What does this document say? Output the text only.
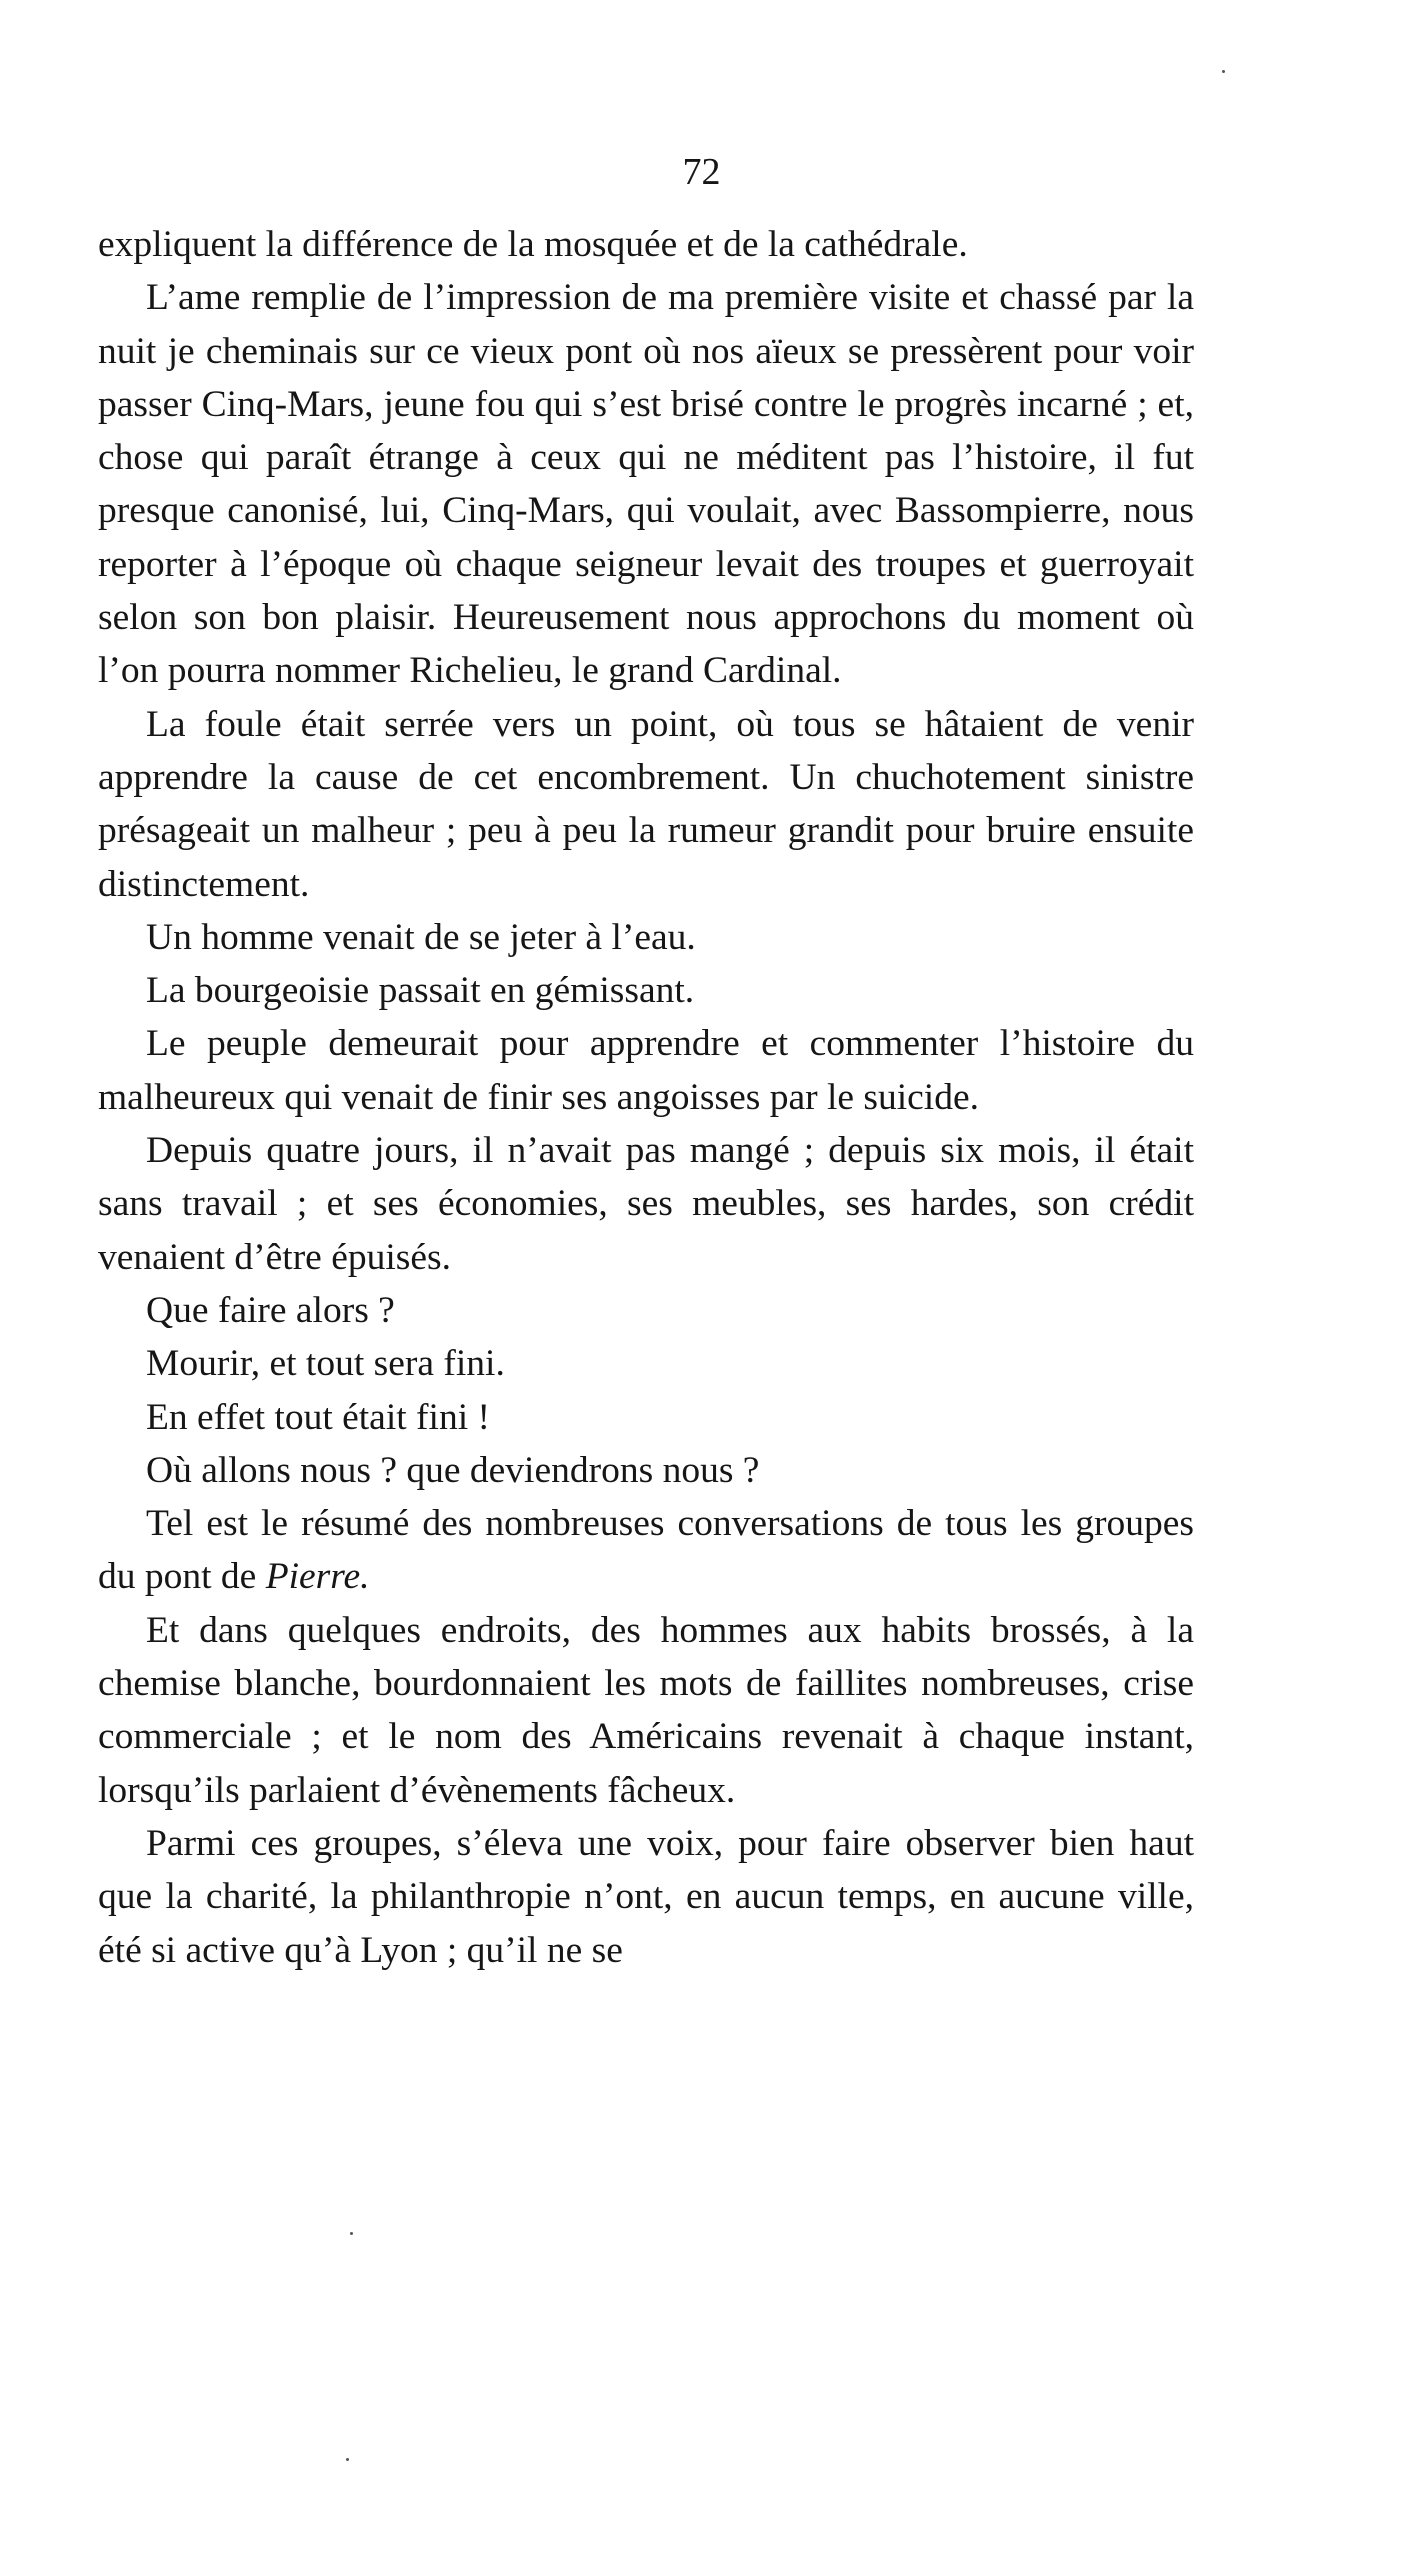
72

expliquent la différence de la mosquée et de la cathédrale.

L’ame remplie de l’impression de ma première visite et chassé par la nuit je cheminais sur ce vieux pont où nos aïeux se pressèrent pour voir passer Cinq-Mars, jeune fou qui s’est brisé contre le progrès incarné ; et, chose qui paraît étrange à ceux qui ne méditent pas l’histoire, il fut presque canonisé, lui, Cinq-Mars, qui voulait, avec Bassompierre, nous reporter à l’époque où chaque seigneur levait des troupes et guerroyait selon son bon plaisir. Heureusement nous approchons du moment où l’on pourra nommer Richelieu, le grand Cardinal.

La foule était serrée vers un point, où tous se hâtaient de venir apprendre la cause de cet encombrement. Un chuchotement sinistre présageait un malheur ; peu à peu la rumeur grandit pour bruire ensuite distinctement.

Un homme venait de se jeter à l’eau.

La bourgeoisie passait en gémissant.

Le peuple demeurait pour apprendre et commenter l’histoire du malheureux qui venait de finir ses angoisses par le suicide.

Depuis quatre jours, il n’avait pas mangé ; depuis six mois, il était sans travail ; et ses économies, ses meubles, ses hardes, son crédit venaient d’être épuisés.

Que faire alors ?

Mourir, et tout sera fini.

En effet tout était fini !

Où allons nous ? que deviendrons nous ?

Tel est le résumé des nombreuses conversations de tous les groupes du pont de Pierre.

Et dans quelques endroits, des hommes aux habits brossés, à la chemise blanche, bourdonnaient les mots de faillites nombreuses, crise commerciale ; et le nom des Américains revenait à chaque instant, lorsqu’ils parlaient d’évènements fâcheux.

Parmi ces groupes, s’éleva une voix, pour faire observer bien haut que la charité, la philanthropie n’ont, en aucun temps, en aucune ville, été si active qu’à Lyon ; qu’il ne se
